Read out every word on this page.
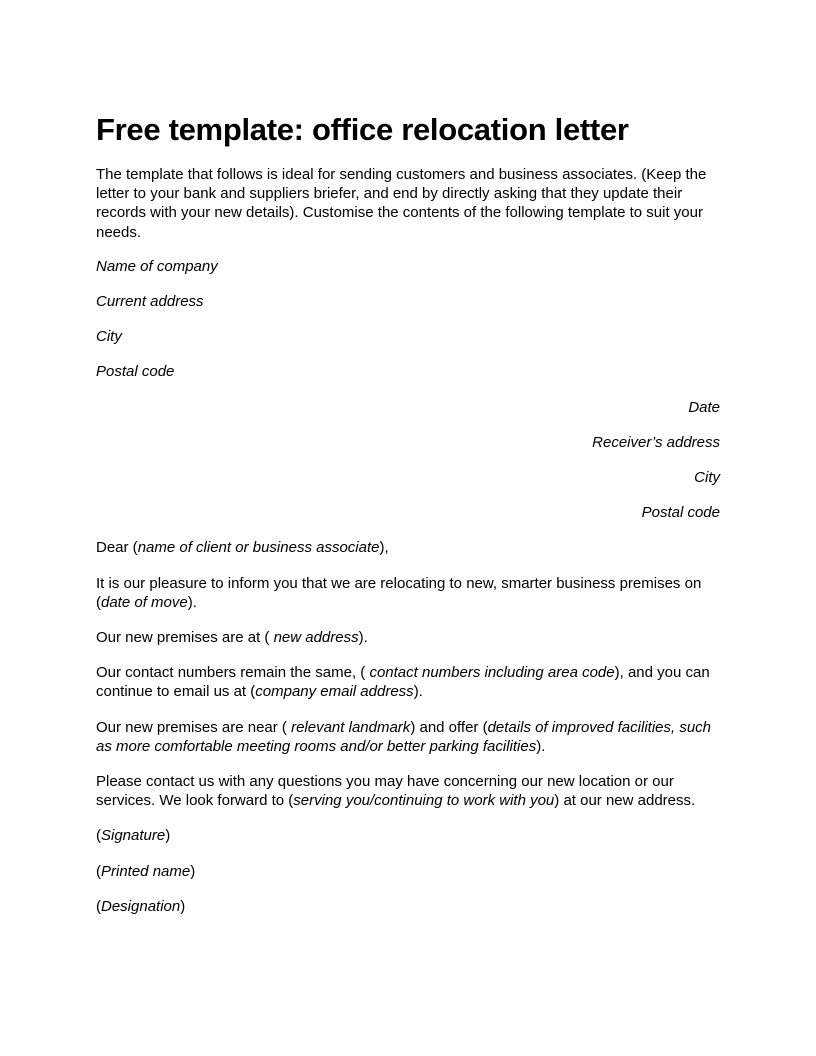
Free template: office relocation letter

The template that follows is ideal for sending customers and business associates. (Keep the letter to your bank and suppliers briefer, and end by directly asking that they update their records with your new details). Customise the contents of the following template to suit your needs.

Name of company

Current address

City

Postal code

Date

Receiver’s address

City

Postal code

Dear (name of client or business associate),

It is our pleasure to inform you that we are relocating to new, smarter business premises on (date of move).

Our new premises are at ( new address).

Our contact numbers remain the same, ( contact numbers including area code), and you can continue to email us at (company email address).

Our new premises are near ( relevant landmark) and offer (details of improved facilities, such as more comfortable meeting rooms and/or better parking facilities).

Please contact us with any questions you may have concerning our new location or our services. We look forward to (serving you/continuing to work with you) at our new address.

(Signature)

(Printed name)

(Designation)
